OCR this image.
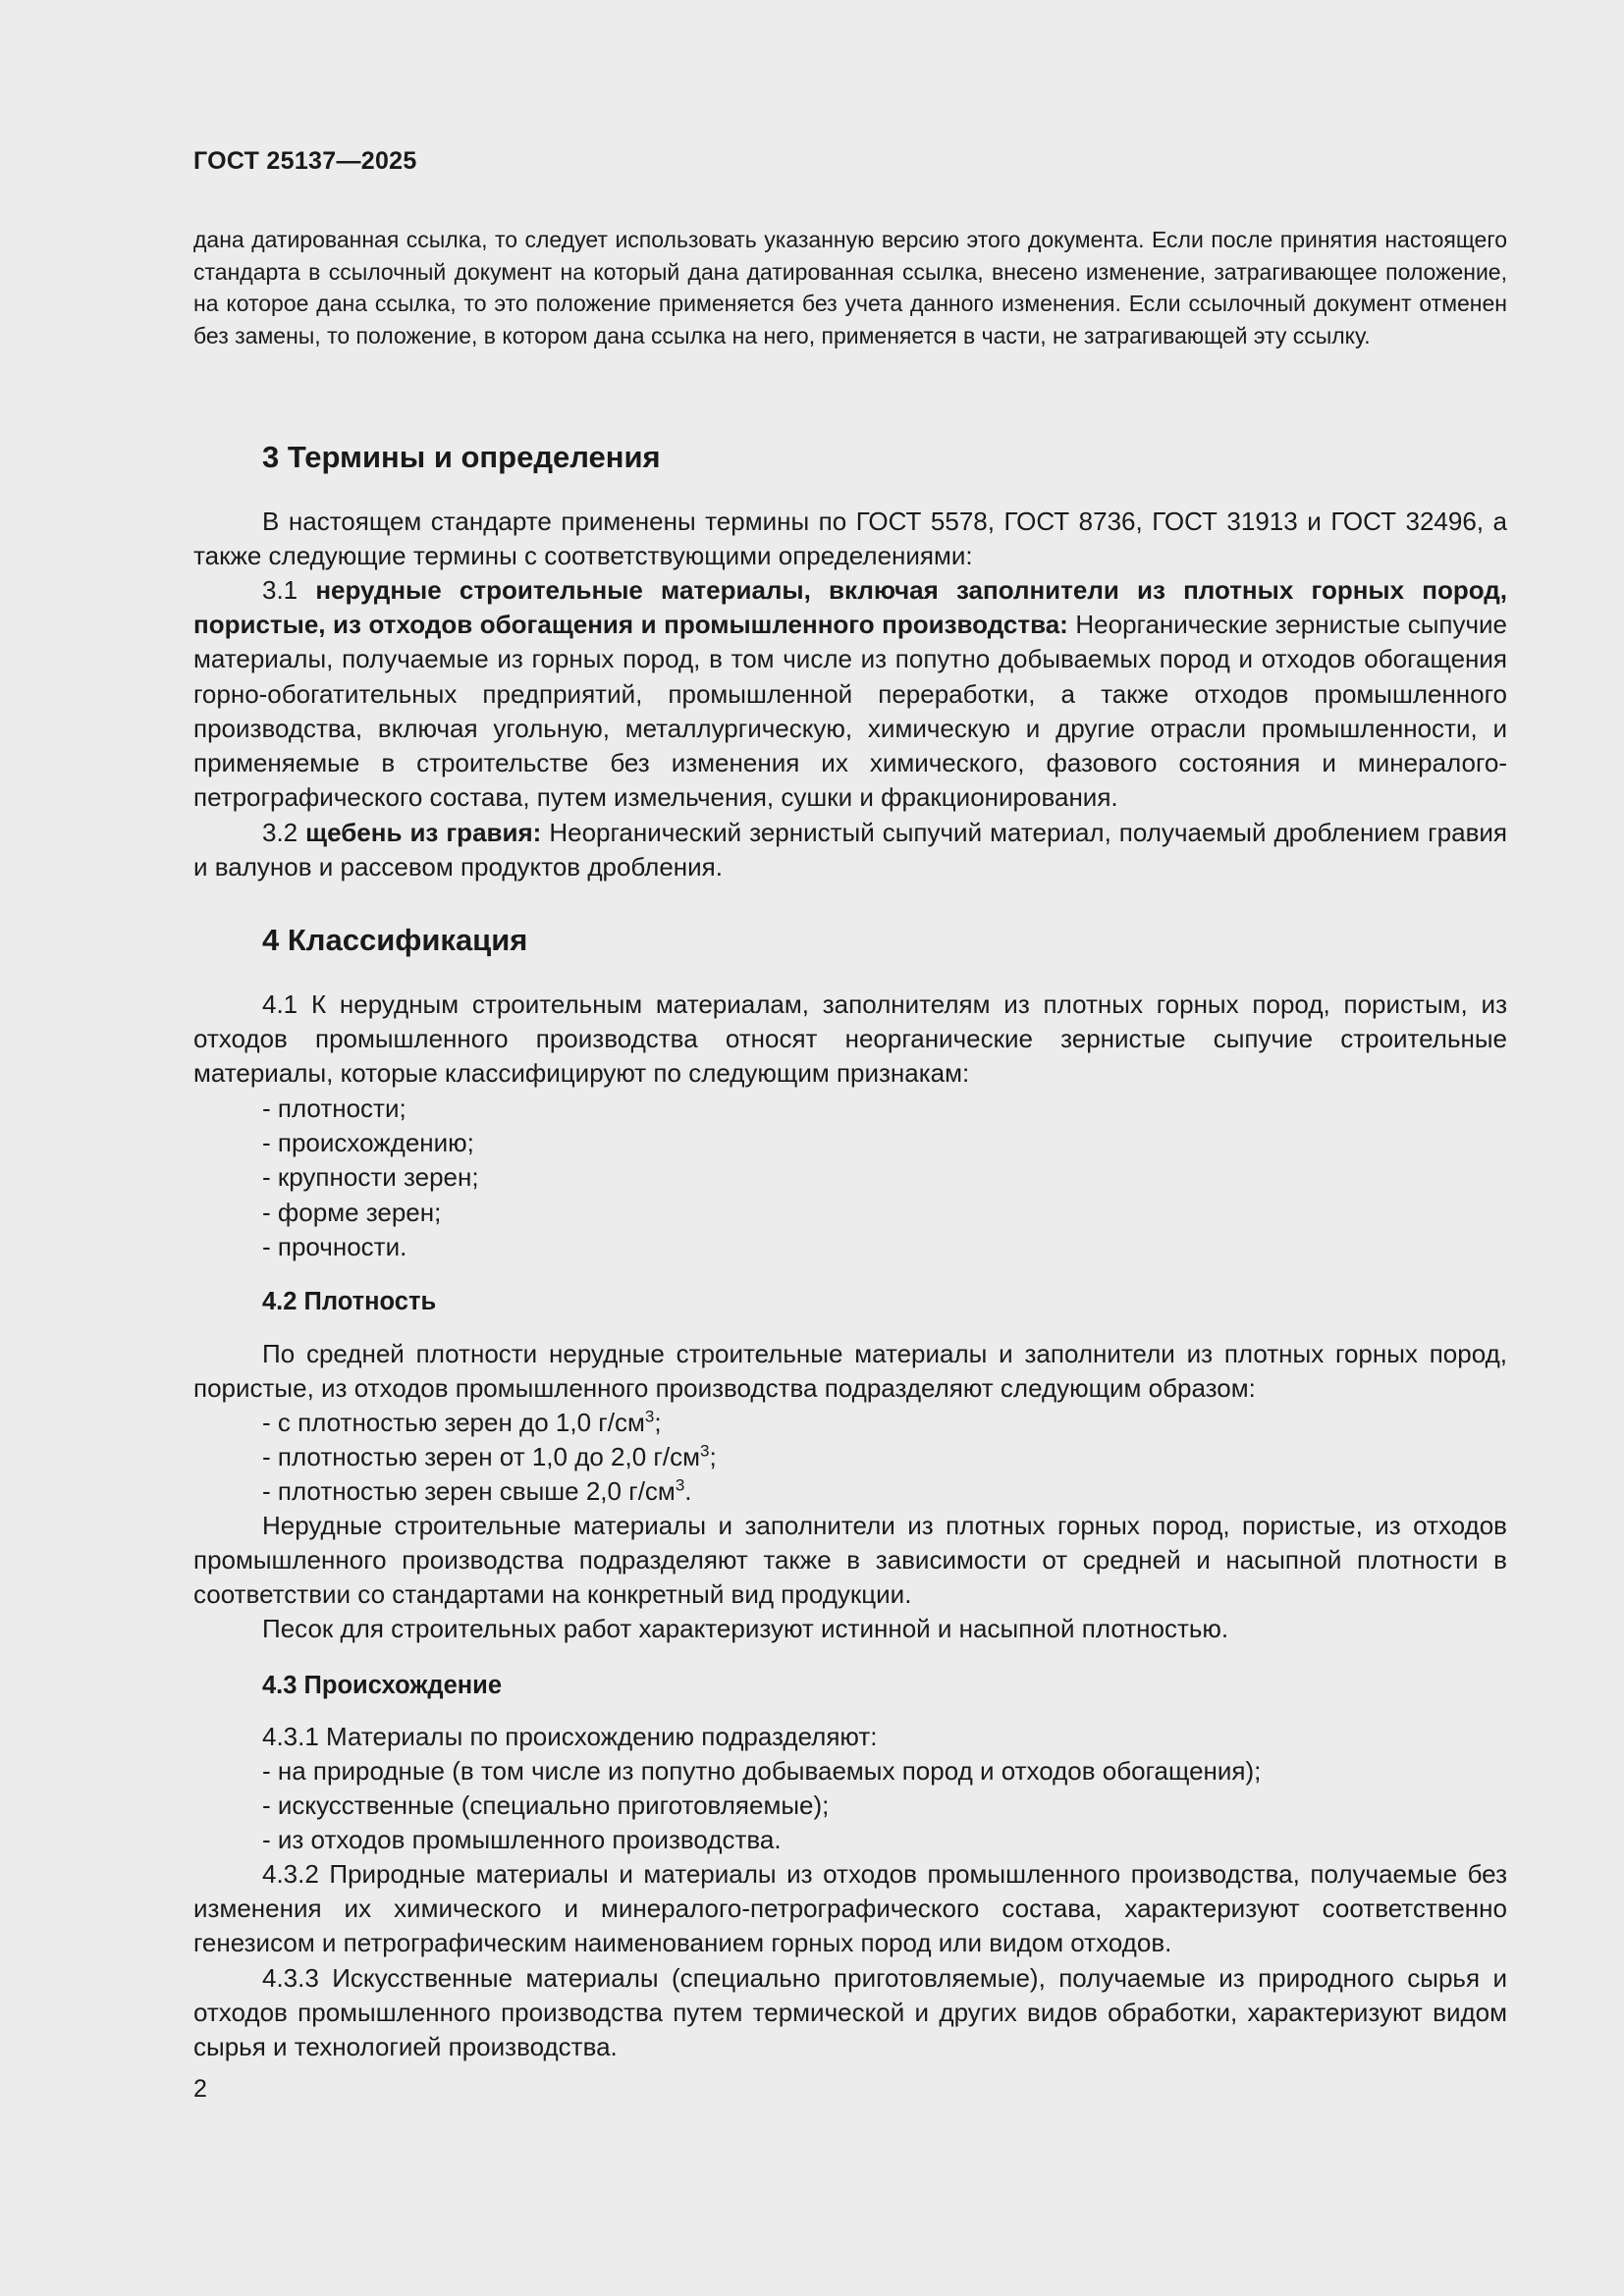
ГОСТ 25137—2025

дана датированная ссылка, то следует использовать указанную версию этого документа. Если после принятия настоящего стандарта в ссылочный документ на который дана датированная ссылка, внесено изменение, затрагивающее положение, на которое дана ссылка, то это положение применяется без учета данного изменения. Если ссылочный документ отменен без замены, то положение, в котором дана ссылка на него, применяется в части, не затрагивающей эту ссылку.

3 Термины и определения

В настоящем стандарте применены термины по ГОСТ 5578, ГОСТ 8736, ГОСТ 31913 и ГОСТ 32496, а также следующие термины с соответствующими определениями:

3.1 нерудные строительные материалы, включая заполнители из плотных горных пород, пористые, из отходов обогащения и промышленного производства: Неорганические зернистые сыпучие материалы, получаемые из горных пород, в том числе из попутно добываемых пород и отходов обогащения горно-обогатительных предприятий, промышленной переработки, а также отходов промышленного производства, включая угольную, металлургическую, химическую и другие отрасли промышленности, и применяемые в строительстве без изменения их химического, фазового состояния и минералого-петрографического состава, путем измельчения, сушки и фракционирования.

3.2 щебень из гравия: Неорганический зернистый сыпучий материал, получаемый дроблением гравия и валунов и рассевом продуктов дробления.

4 Классификация

4.1 К нерудным строительным материалам, заполнителям из плотных горных пород, пористым, из отходов промышленного производства относят неорганические зернистые сыпучие строительные материалы, которые классифицируют по следующим признакам:

- плотности;
- происхождению;
- крупности зерен;
- форме зерен;
- прочности.
4.2 Плотность

По средней плотности нерудные строительные материалы и заполнители из плотных горных пород, пористые, из отходов промышленного производства подразделяют следующим образом:

- с плотностью зерен до 1,0 $г/см^3$;
- плотностью зерен от 1,0 до 2,0 $г/см^3$;
- плотностью зерен свыше 2,0 $г/см^3$.

Нерудные строительные материалы и заполнители из плотных горных пород, пористые, из отходов промышленного производства подразделяют также в зависимости от средней и насыпной плотности в соответствии со стандартами на конкретный вид продукции.

Песок для строительных работ характеризуют истинной и насыпной плотностью.

4.3 Происхождение

4.3.1 Материалы по происхождению подразделяют:

- на природные (в том числе из попутно добываемых пород и отходов обогащения);
- искусственные (специально приготовляемые);
- из отходов промышленного производства.

4.3.2 Природные материалы и материалы из отходов промышленного производства, получаемые без изменения их химического и минералого-петрографического состава, характеризуют соответственно генезисом и петрографическим наименованием горных пород или видом отходов.

4.3.3 Искусственные материалы (специально приготовляемые), получаемые из природного сырья и отходов промышленного производства путем термической и других видов обработки, характеризуют видом сырья и технологией производства.

2
